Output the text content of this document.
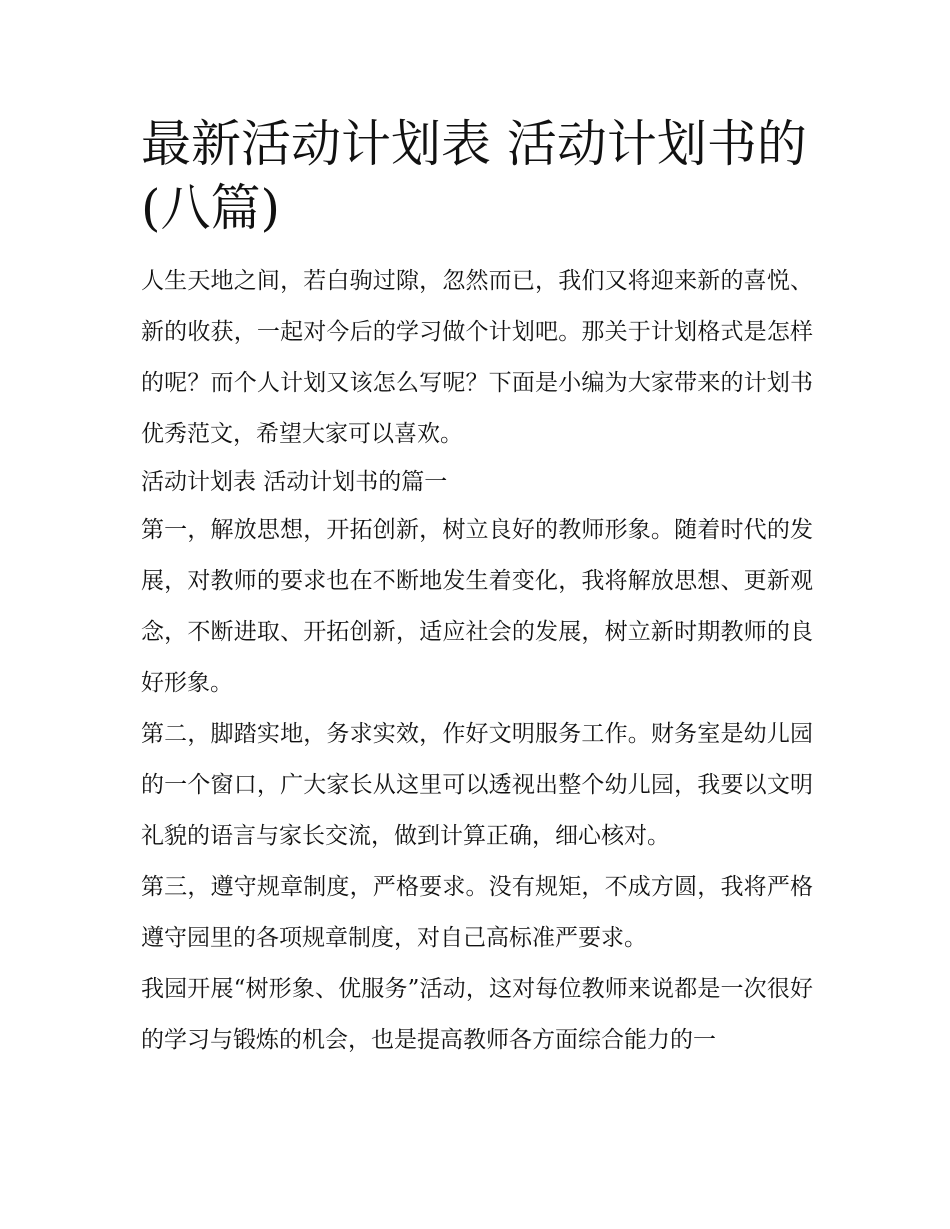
最新活动计划表 活动计划书的(八篇)

人生天地之间，若白驹过隙，忽然而已，我们又将迎来新的喜悦、新的收获，一起对今后的学习做个计划吧。那关于计划格式是怎样的呢？而个人计划又该怎么写呢？下面是小编为大家带来的计划书优秀范文，希望大家可以喜欢。

活动计划表 活动计划书的篇一

第一，解放思想，开拓创新，树立良好的教师形象。随着时代的发展，对教师的要求也在不断地发生着变化，我将解放思想、更新观念，不断进取、开拓创新，适应社会的发展，树立新时期教师的良好形象。

第二，脚踏实地，务求实效，作好文明服务工作。财务室是幼儿园的一个窗口，广大家长从这里可以透视出整个幼儿园，我要以文明礼貌的语言与家长交流，做到计算正确，细心核对。

第三，遵守规章制度，严格要求。没有规矩，不成方圆，我将严格遵守园里的各项规章制度，对自己高标准严要求。

我园开展“树形象、优服务”活动，这对每位教师来说都是一次很好的学习与锻炼的机会，也是提高教师各方面综合能力的一
